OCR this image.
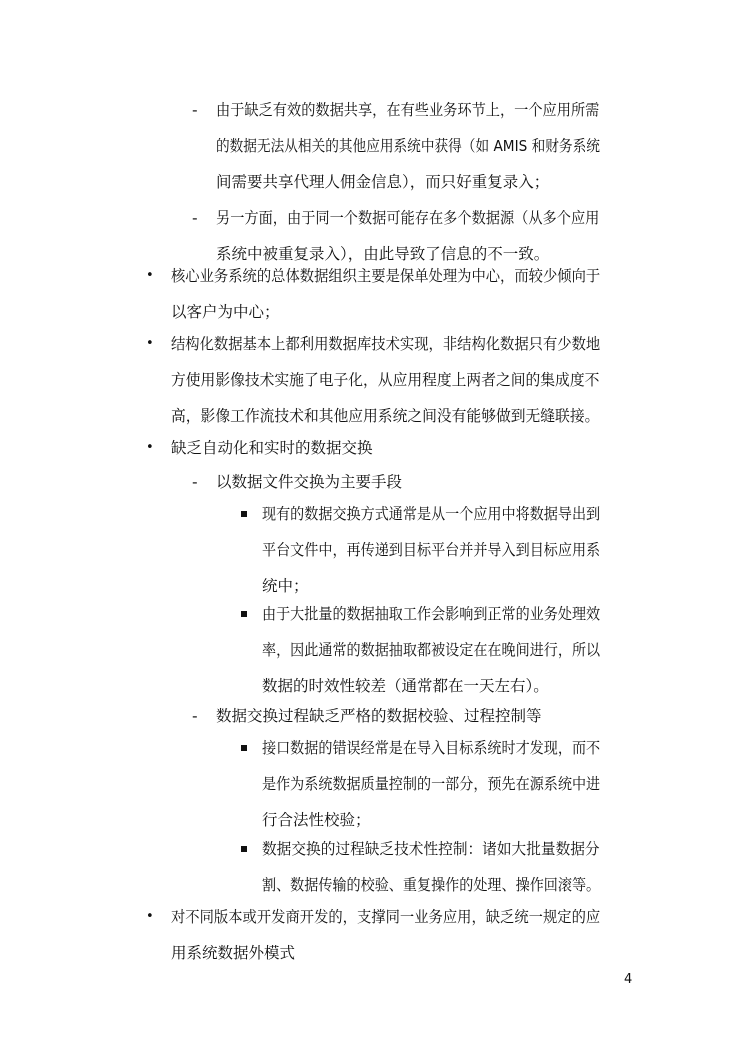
- 由于缺乏有效的数据共享，在有些业务环节上，一个应用所需
的数据无法从相关的其他应用系统中获得（如 AMIS 和财务系统
间需要共享代理人佣金信息），而只好重复录入；
- 另一方面，由于同一个数据可能存在多个数据源（从多个应用
系统中被重复录入），由此导致了信息的不一致。
• 核心业务系统的总体数据组织主要是保单处理为中心，而较少倾向于
以客户为中心；
• 结构化数据基本上都利用数据库技术实现，非结构化数据只有少数地
方使用影像技术实施了电子化，从应用程度上两者之间的集成度不
高，影像工作流技术和其他应用系统之间没有能够做到无缝联接。
• 缺乏自动化和实时的数据交换
- 以数据文件交换为主要手段
现有的数据交换方式通常是从一个应用中将数据导出到
平台文件中，再传递到目标平台并并导入到目标应用系
统中；
由于大批量的数据抽取工作会影响到正常的业务处理效
率，因此通常的数据抽取都被设定在在晚间进行，所以
数据的时效性较差（通常都在一天左右）。
- 数据交换过程缺乏严格的数据校验、过程控制等
接口数据的错误经常是在导入目标系统时才发现，而不
是作为系统数据质量控制的一部分，预先在源系统中进
行合法性校验；
数据交换的过程缺乏技术性控制：诸如大批量数据分
割、数据传输的校验、重复操作的处理、操作回滚等。
• 对不同版本或开发商开发的，支撑同一业务应用，缺乏统一规定的应
用系统数据外模式
4
